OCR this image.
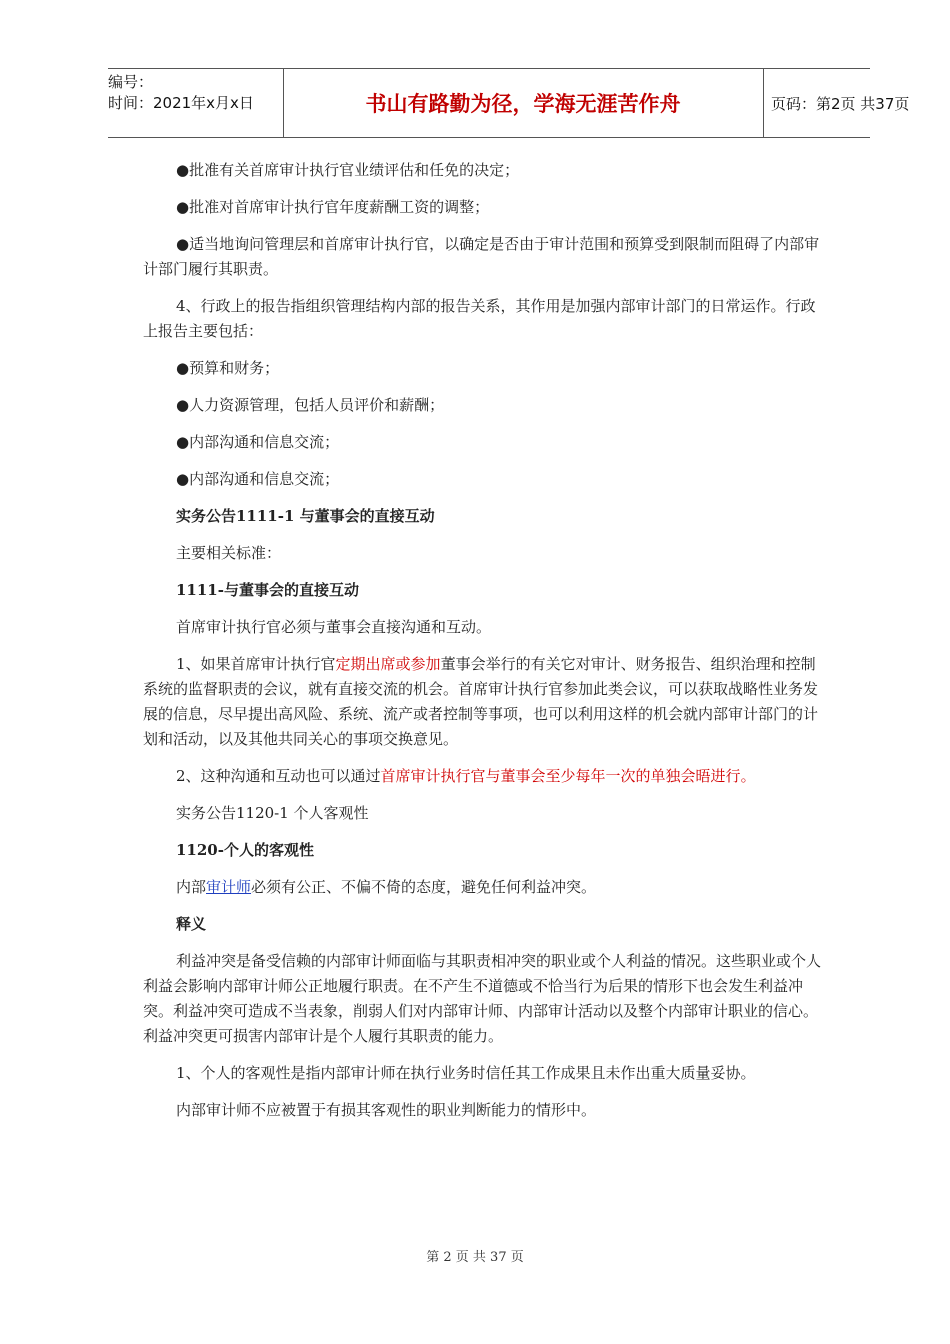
编号：
时间：2021年x月x日	书山有路勤为径，学海无涯苦作舟	页码：第2页 共37页

●批准有关首席审计执行官业绩评估和任免的决定；

●批准对首席审计执行官年度薪酬工资的调整；

●适当地询问管理层和首席审计执行官，以确定是否由于审计范围和预算受到限制而阻碍了内部审计部门履行其职责。

4、行政上的报告指组织管理结构内部的报告关系，其作用是加强内部审计部门的日常运作。行政上报告主要包括：

●预算和财务；

●人力资源管理，包括人员评价和薪酬；

●内部沟通和信息交流；

●内部沟通和信息交流；

实务公告1111-1 与董事会的直接互动

主要相关标准：

1111-与董事会的直接互动

首席审计执行官必须与董事会直接沟通和互动。

1、如果首席审计执行官定期出席或参加董事会举行的有关它对审计、财务报告、组织治理和控制系统的监督职责的会议，就有直接交流的机会。首席审计执行官参加此类会议，可以获取战略性业务发展的信息，尽早提出高风险、系统、流产或者控制等事项，也可以利用这样的机会就内部审计部门的计划和活动，以及其他共同关心的事项交换意见。

2、这种沟通和互动也可以通过首席审计执行官与董事会至少每年一次的单独会晤进行。

实务公告1120-1 个人客观性

1120-个人的客观性

内部审计师必须有公正、不偏不倚的态度，避免任何利益冲突。

释义

利益冲突是备受信赖的内部审计师面临与其职责相冲突的职业或个人利益的情况。这些职业或个人利益会影响内部审计师公正地履行职责。在不产生不道德或不恰当行为后果的情形下也会发生利益冲突。利益冲突可造成不当表象，削弱人们对内部审计师、内部审计活动以及整个内部审计职业的信心。利益冲突更可损害内部审计是个人履行其职责的能力。

1、个人的客观性是指内部审计师在执行业务时信任其工作成果且未作出重大质量妥协。

内部审计师不应被置于有损其客观性的职业判断能力的情形中。

第 2 页 共 37 页
